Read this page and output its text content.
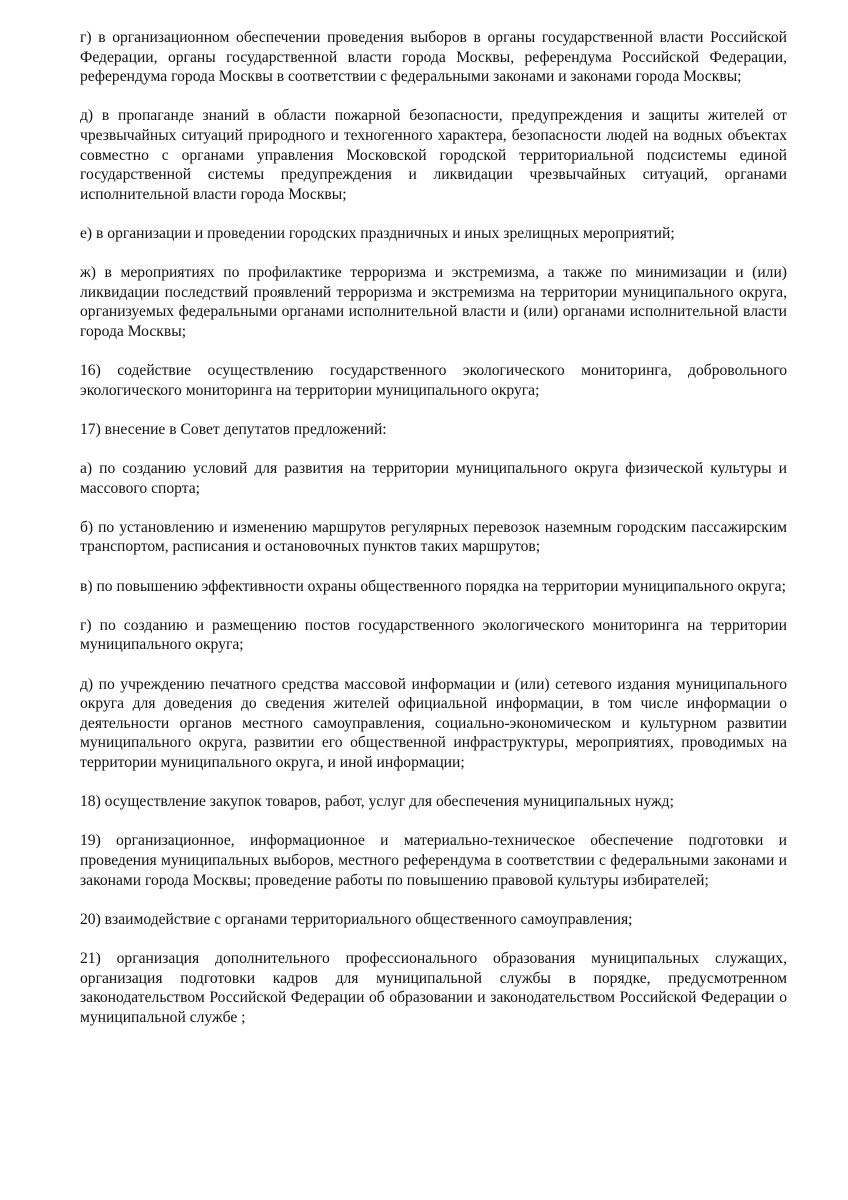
г) в организационном обеспечении проведения выборов в органы государственной власти Российской Федерации, органы государственной власти города Москвы, референдума Российской Федерации, референдума города Москвы в соответствии с федеральными законами и законами города Москвы;

д) в пропаганде знаний в области пожарной безопасности, предупреждения и защиты жителей от чрезвычайных ситуаций природного и техногенного характера, безопасности людей на водных объектах совместно с органами управления Московской городской территориальной подсистемы единой государственной системы предупреждения и ликвидации чрезвычайных ситуаций, органами исполнительной власти города Москвы;

е) в организации и проведении городских праздничных и иных зрелищных мероприятий;

ж) в мероприятиях по профилактике терроризма и экстремизма, а также по минимизации и (или) ликвидации последствий проявлений терроризма и экстремизма на территории муниципального округа, организуемых федеральными органами исполнительной власти и (или) органами исполнительной власти города Москвы;

16) содействие осуществлению государственного экологического мониторинга, добровольного экологического мониторинга на территории муниципального округа;

17) внесение в Совет депутатов предложений:

а) по созданию условий для развития на территории муниципального округа физической культуры и массового спорта;

б) по установлению и изменению маршрутов регулярных перевозок наземным городским пассажирским транспортом, расписания и остановочных пунктов таких маршрутов;

в) по повышению эффективности охраны общественного порядка на территории муниципального округа;

г) по созданию и размещению постов государственного экологического мониторинга на территории муниципального округа;

д) по учреждению печатного средства массовой информации и (или) сетевого издания муниципального округа для доведения до сведения жителей официальной информации, в том числе информации о деятельности органов местного самоуправления, социально-экономическом и культурном развитии муниципального округа, развитии его общественной инфраструктуры, мероприятиях, проводимых на территории муниципального округа, и иной информации;

18) осуществление закупок товаров, работ, услуг для обеспечения муниципальных нужд;

19) организационное, информационное и материально-техническое обеспечение подготовки и проведения муниципальных выборов, местного референдума в соответствии с федеральными законами и законами города Москвы; проведение работы по повышению правовой культуры избирателей;

20) взаимодействие с органами территориального общественного самоуправления;

21) организация дополнительного профессионального образования муниципальных служащих, организация подготовки кадров для муниципальной службы в порядке, предусмотренном законодательством Российской Федерации об образовании и законодательством Российской Федерации о муниципальной службе ;
